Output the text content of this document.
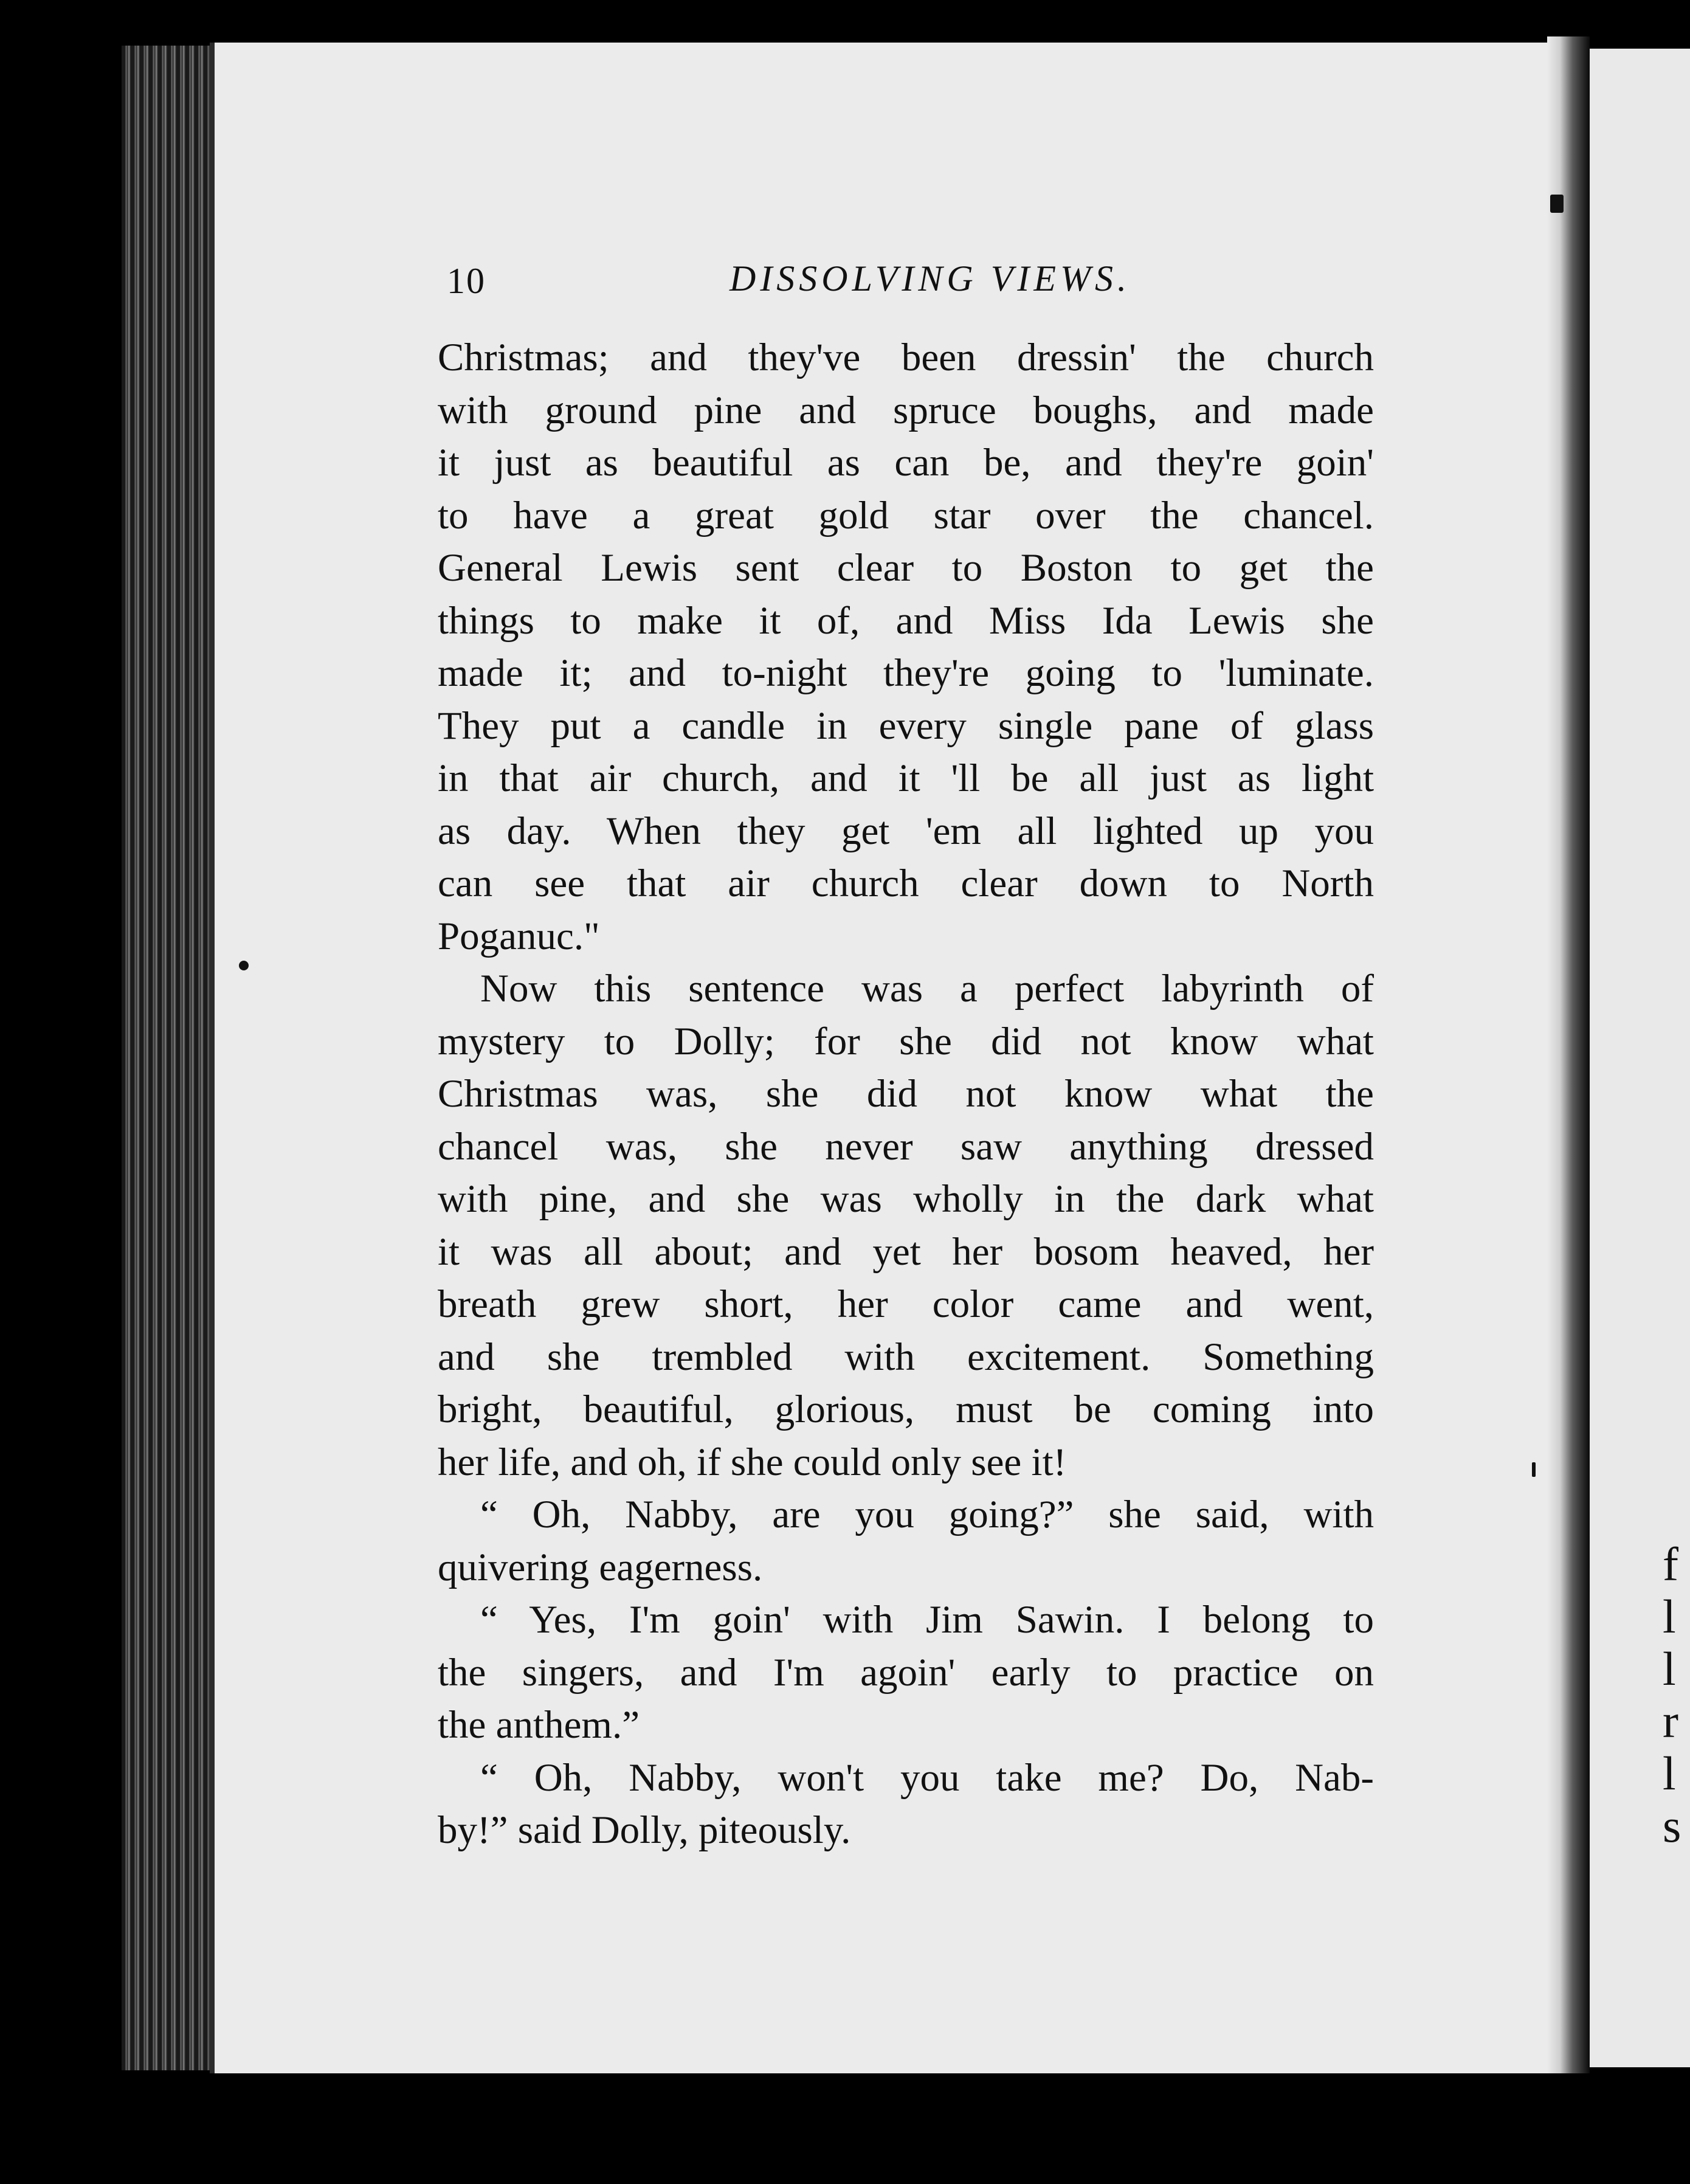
f
l
l
r
l
s
10	DISSOLVING VIEWS.
Christmas; and they've been dressin' the church
with ground pine and spruce boughs, and made
it just as beautiful as can be, and they're goin'
to have a great gold star over the chancel.
General Lewis sent clear to Boston to get the
things to make it of, and Miss Ida Lewis she
made it; and to-night they're going to 'luminate.
They put a candle in every single pane of glass
in that air church, and it 'll be all just as light
as day. When they get 'em all lighted up you
can see that air church clear down to North
Poganuc."
Now this sentence was a perfect labyrinth of
mystery to Dolly; for she did not know what
Christmas was, she did not know what the
chancel was, she never saw anything dressed
with pine, and she was wholly in the dark what
it was all about; and yet her bosom heaved, her
breath grew short, her color came and went,
and she trembled with excitement. Something
bright, beautiful, glorious, must be coming into
her life, and oh, if she could only see it!
“ Oh, Nabby, are you going?” she said, with
quivering eagerness.
“ Yes, I'm goin' with Jim Sawin. I belong to
the singers, and I'm agoin' early to practice on
the anthem.”
“ Oh, Nabby, won't you take me? Do, Nab-
by!” said Dolly, piteously.
